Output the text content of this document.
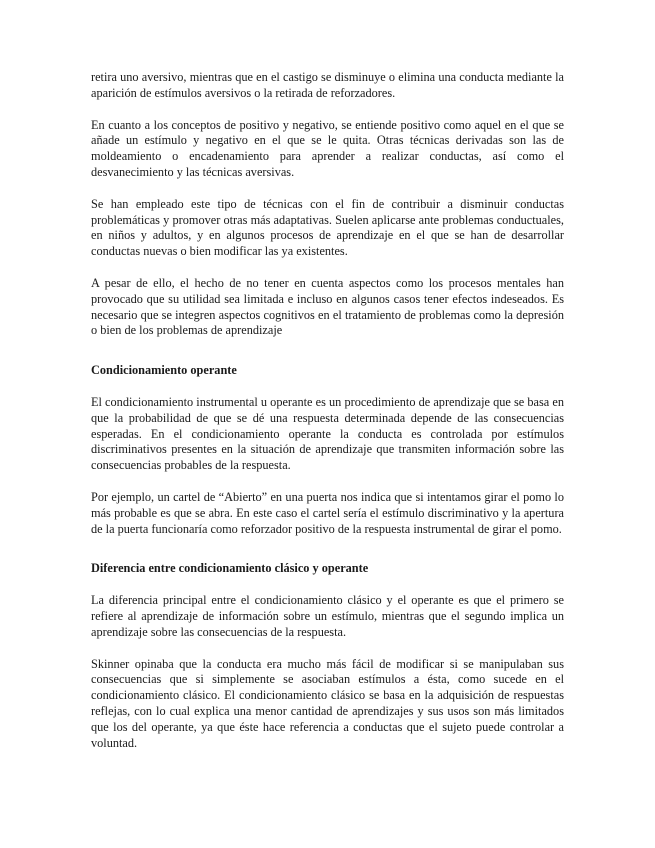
retira uno aversivo, mientras que en el castigo se disminuye o elimina una conducta mediante la aparición de estímulos aversivos o la retirada de reforzadores.

En cuanto a los conceptos de positivo y negativo, se entiende positivo como aquel en el que se añade un estímulo y negativo en el que se le quita. Otras técnicas derivadas son las de moldeamiento o encadenamiento para aprender a realizar conductas, así como el desvanecimiento y las técnicas aversivas.

Se han empleado este tipo de técnicas con el fin de contribuir a disminuir conductas problemáticas y promover otras más adaptativas. Suelen aplicarse ante problemas conductuales, en niños y adultos, y en algunos procesos de aprendizaje en el que se han de desarrollar conductas nuevas o bien modificar las ya existentes.

A pesar de ello, el hecho de no tener en cuenta aspectos como los procesos mentales han provocado que su utilidad sea limitada e incluso en algunos casos tener efectos indeseados. Es necesario que se integren aspectos cognitivos en el tratamiento de problemas como la depresión o bien de los problemas de aprendizaje

Condicionamiento operante

El condicionamiento instrumental u operante es un procedimiento de aprendizaje que se basa en que la probabilidad de que se dé una respuesta determinada depende de las consecuencias esperadas. En el condicionamiento operante la conducta es controlada por estímulos discriminativos presentes en la situación de aprendizaje que transmiten información sobre las consecuencias probables de la respuesta.

Por ejemplo, un cartel de “Abierto” en una puerta nos indica que si intentamos girar el pomo lo más probable es que se abra. En este caso el cartel sería el estímulo discriminativo y la apertura de la puerta funcionaría como reforzador positivo de la respuesta instrumental de girar el pomo.

Diferencia entre condicionamiento clásico y operante

La diferencia principal entre el condicionamiento clásico y el operante es que el primero se refiere al aprendizaje de información sobre un estímulo, mientras que el segundo implica un aprendizaje sobre las consecuencias de la respuesta.

Skinner opinaba que la conducta era mucho más fácil de modificar si se manipulaban sus consecuencias que si simplemente se asociaban estímulos a ésta, como sucede en el condicionamiento clásico. El condicionamiento clásico se basa en la adquisición de respuestas reflejas, con lo cual explica una menor cantidad de aprendizajes y sus usos son más limitados que los del operante, ya que éste hace referencia a conductas que el sujeto puede controlar a voluntad.
